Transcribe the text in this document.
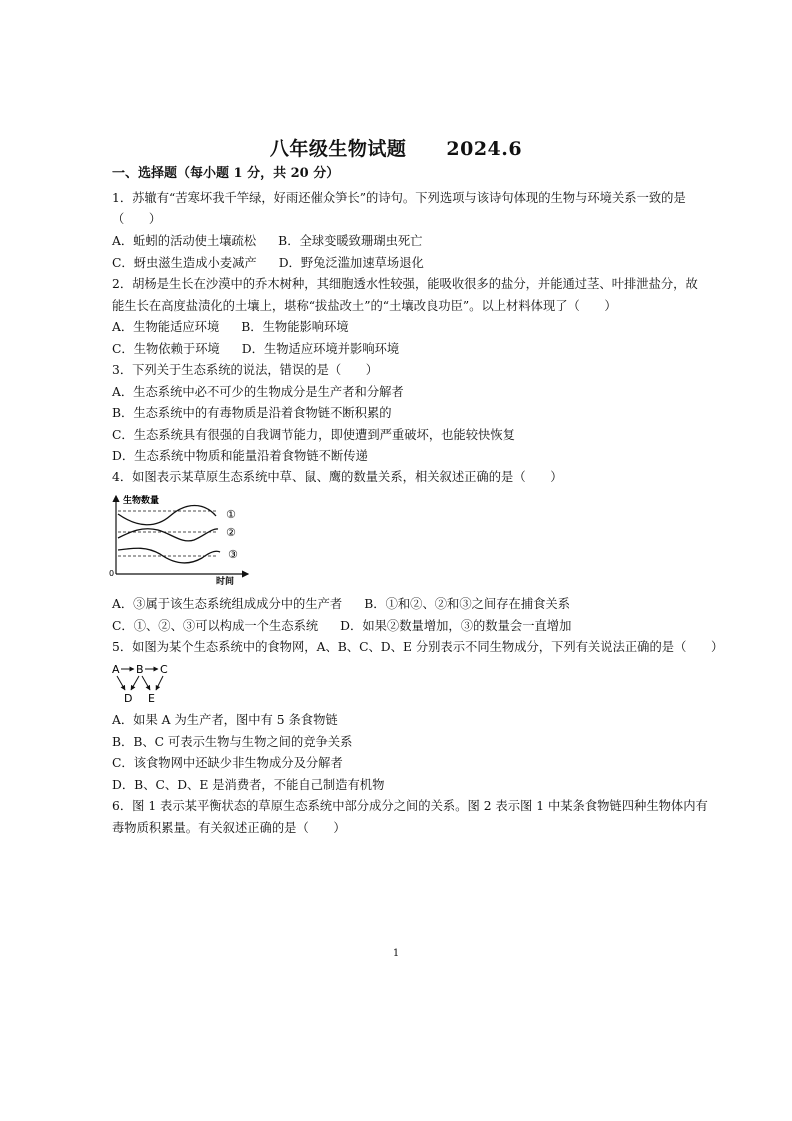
八年级生物试题 2024.6
一、选择题（每小题 1 分，共 20 分）
1．苏辙有“苦寒坏我千竿绿，好雨还催众笋长”的诗句。下列选项与该诗句体现的生物与环境关系一致的是
（　　）
A．蚯蚓的活动使土壤疏松 B．全球变暖致珊瑚虫死亡
C．蚜虫滋生造成小麦减产 D．野兔泛滥加速草场退化
2．胡杨是生长在沙漠中的乔木树种，其细胞透水性较强，能吸收很多的盐分，并能通过茎、叶排泄盐分，故
能生长在高度盐渍化的土壤上，堪称“拔盐改土”的“土壤改良功臣”。以上材料体现了（　　）
A．生物能适应环境 B．生物能影响环境
C．生物依赖于环境 D．生物适应环境并影响环境
3．下列关于生态系统的说法，错误的是（　　）
A．生态系统中必不可少的生物成分是生产者和分解者
B．生态系统中的有毒物质是沿着食物链不断积累的
C．生态系统具有很强的自我调节能力，即使遭到严重破坏，也能较快恢复
D．生态系统中物质和能量沿着食物链不断传递
4．如图表示某草原生态系统中草、鼠、鹰的数量关系，相关叙述正确的是（　　）
生物数量
时间
0
①
②
③
A．③属于该生态系统组成成分中的生产者 B．①和②、②和③之间存在捕食关系
C．①、②、③可以构成一个生态系统 D．如果②数量增加，③的数量会一直增加
5．如图为某个生态系统中的食物网，A、B、C、D、E 分别表示不同生物成分，下列有关说法正确的是（　　）
A B C
D E
A．如果 A 为生产者，图中有 5 条食物链
B．B、C 可表示生物与生物之间的竞争关系
C．该食物网中还缺少非生物成分及分解者
D．B、C、D、E 是消费者，不能自己制造有机物
6．图 1 表示某平衡状态的草原生态系统中部分成分之间的关系。图 2 表示图 1 中某条食物链四种生物体内有
毒物质积累量。有关叙述正确的是（　　）
1
